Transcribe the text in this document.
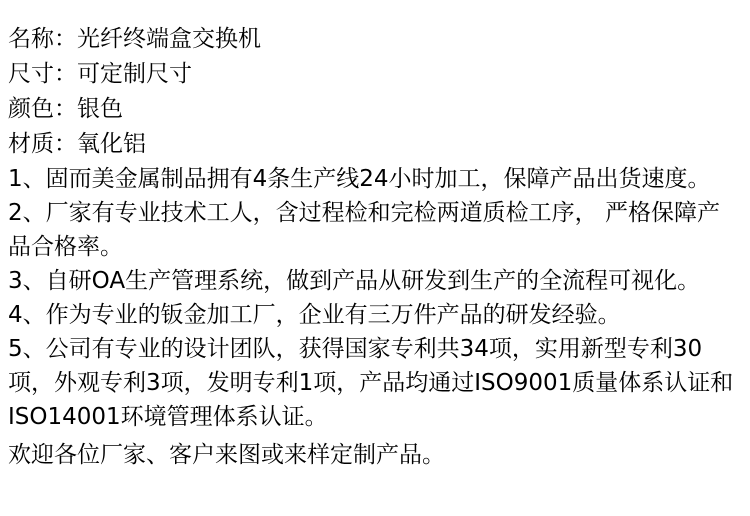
名称：光纤终端盒交换机
尺寸：可定制尺寸
颜色：银色
材质：氧化铝
1、固而美金属制品拥有4条生产线24小时加工，保障产品出货速度。
2、厂家有专业技术工人，含过程检和完检两道质检工序， 严格保障产品合格率。
3、自研OA生产管理系统，做到产品从研发到生产的全流程可视化。
4、作为专业的钣金加工厂，企业有三万件产品的研发经验。
5、公司有专业的设计团队，获得国家专利共34项，实用新型专利30项，外观专利3项，发明专利1项，产品均通过ISO9001质量体系认证和ISO14001环境管理体系认证。
欢迎各位厂家、客户来图或来样定制产品。
